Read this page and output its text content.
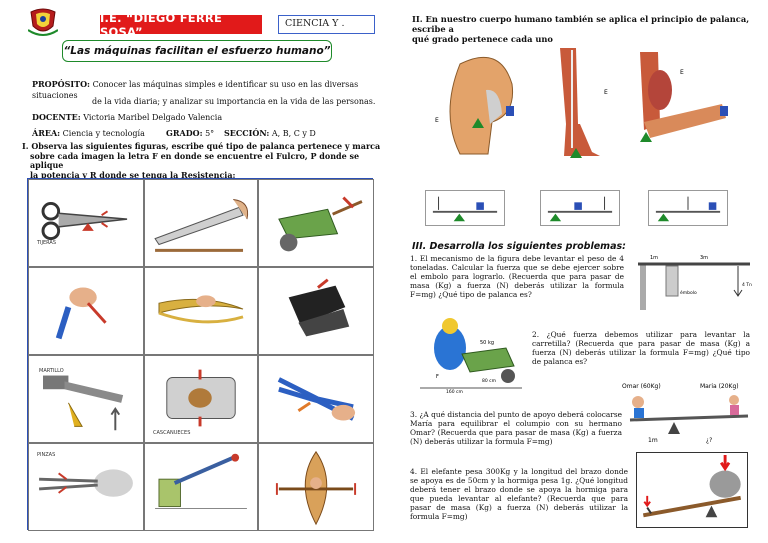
I.E. “DIEGO FERRÉ SOSA”
CIENCIA Y .
“Las máquinas facilitan el esfuerzo humano”
PROPÓSITO: Conocer las máquinas simples e identificar su uso en las diversas situaciones
de la vida diaria; y analizar su importancia en la vida de las personas.
DOCENTE: Victoria Maribel Delgado Valencia
ÁREA: Ciencia y tecnología	GRADO: 5°	SECCIÓN: A, B, C y D
I. Observa las siguientes figuras, escribe qué tipo de palanca pertenece y marca
sobre cada imagen la letra F en donde se encuentre el Fulcro, P donde se aplique
la potencia y R donde se tenga la Resistencia:
TIJERAS
MARTILLO
CASCANUECES
PINZAS
II. En nuestro cuerpo humano también se aplica el principio de palanca, escribe a
qué grado pertenece cada uno
E
E
E
III. Desarrolla los siguientes problemas:
1. El mecanismo de la figura debe levantar el peso de 4 toneladas. Calcular la fuerza que se debe ejercer sobre el embolo para lograrlo. (Recuerda que para pasar de masa (Kg) a fuerza (N) deberás utilizar la formula F=mg) ¿Qué tipo de palanca es?
1m	3m
4 Tn
émbolo
50 kg
80 cm
160 cm
F
2. ¿Qué fuerza debemos utilizar para levantar la carretilla? (Recuerda que para pasar de masa (Kg) a fuerza (N) deberás utilizar la formula F=mg) ¿Qué tipo de palanca es?
Omar (60Kg)	Maria (20Kg)
1m	¿?
3. ¿A qué distancia del punto de apoyo deberá colocarse María para equilibrar el columpio con su hermano Omar? (Recuerda que para pasar de masa (Kg) a fuerza (N) deberás utilizar la formula F=mg)
4. El elefante pesa 300Kg y la longitud del brazo donde se apoya es de 50cm y la hormiga pesa 1g. ¿Qué longitud deberá tener el brazo donde se apoya la hormiga para que pueda levantar al elefante? (Recuerda que para pasar de masa (Kg) a fuerza (N) deberás utilizar la formula F=mg)
